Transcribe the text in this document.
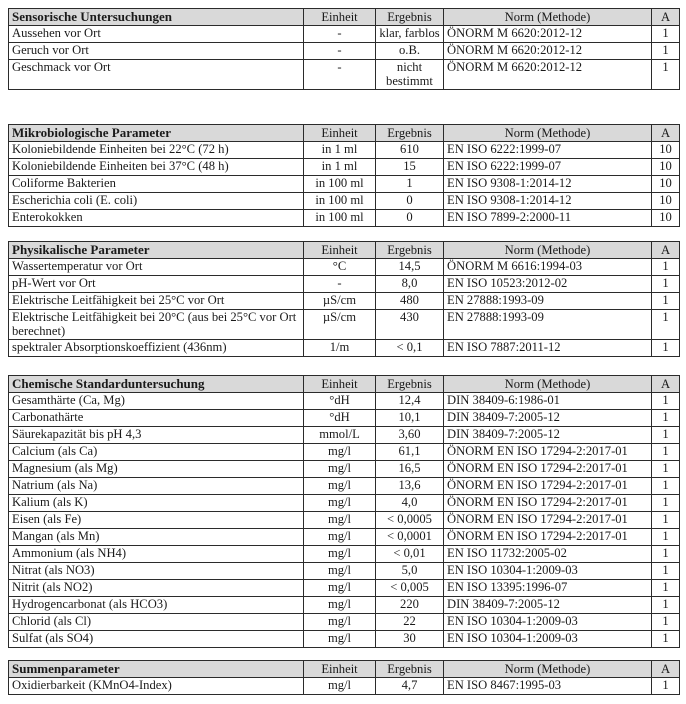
Sensorische Untersuchungen	Einheit	Ergebnis	Norm (Methode)	A
Aussehen vor Ort	-	klar, farblos	ÖNORM M 6620:2012-12	1
Geruch vor Ort	-	o.B.	ÖNORM M 6620:2012-12	1
Geschmack vor Ort	-	nicht bestimmt	ÖNORM M 6620:2012-12	1
Mikrobiologische Parameter	Einheit	Ergebnis	Norm (Methode)	A
Koloniebildende Einheiten bei 22°C (72 h)	in 1 ml	610	EN ISO 6222:1999-07	10
Koloniebildende Einheiten bei 37°C (48 h)	in 1 ml	15	EN ISO 6222:1999-07	10
Coliforme Bakterien	in 100 ml	1	EN ISO 9308-1:2014-12	10
Escherichia coli (E. coli)	in 100 ml	0	EN ISO 9308-1:2014-12	10
Enterokokken	in 100 ml	0	EN ISO 7899-2:2000-11	10
Physikalische Parameter	Einheit	Ergebnis	Norm (Methode)	A
Wassertemperatur vor Ort	°C	14,5	ÖNORM M 6616:1994-03	1
pH-Wert vor Ort	-	8,0	EN ISO 10523:2012-02	1
Elektrische Leitfähigkeit bei 25°C vor Ort	µS/cm	480	EN 27888:1993-09	1
Elektrische Leitfähigkeit bei 20°C (aus bei 25°C vor Ort berechnet)	µS/cm	430	EN 27888:1993-09	1
spektraler Absorptionskoeffizient (436nm)	1/m	< 0,1	EN ISO 7887:2011-12	1
Chemische Standarduntersuchung	Einheit	Ergebnis	Norm (Methode)	A
Gesamthärte (Ca, Mg)	°dH	12,4	DIN 38409-6:1986-01	1
Carbonathärte	°dH	10,1	DIN 38409-7:2005-12	1
Säurekapazität bis pH 4,3	mmol/L	3,60	DIN 38409-7:2005-12	1
Calcium (als Ca)	mg/l	61,1	ÖNORM EN ISO 17294-2:2017-01	1
Magnesium (als Mg)	mg/l	16,5	ÖNORM EN ISO 17294-2:2017-01	1
Natrium (als Na)	mg/l	13,6	ÖNORM EN ISO 17294-2:2017-01	1
Kalium (als K)	mg/l	4,0	ÖNORM EN ISO 17294-2:2017-01	1
Eisen (als Fe)	mg/l	< 0,0005	ÖNORM EN ISO 17294-2:2017-01	1
Mangan (als Mn)	mg/l	< 0,0001	ÖNORM EN ISO 17294-2:2017-01	1
Ammonium (als NH4)	mg/l	< 0,01	EN ISO 11732:2005-02	1
Nitrat (als NO3)	mg/l	5,0	EN ISO 10304-1:2009-03	1
Nitrit (als NO2)	mg/l	< 0,005	EN ISO 13395:1996-07	1
Hydrogencarbonat (als HCO3)	mg/l	220	DIN 38409-7:2005-12	1
Chlorid (als Cl)	mg/l	22	EN ISO 10304-1:2009-03	1
Sulfat (als SO4)	mg/l	30	EN ISO 10304-1:2009-03	1
Summenparameter	Einheit	Ergebnis	Norm (Methode)	A
Oxidierbarkeit (KMnO4-Index)	mg/l	4,7	EN ISO 8467:1995-03	1
